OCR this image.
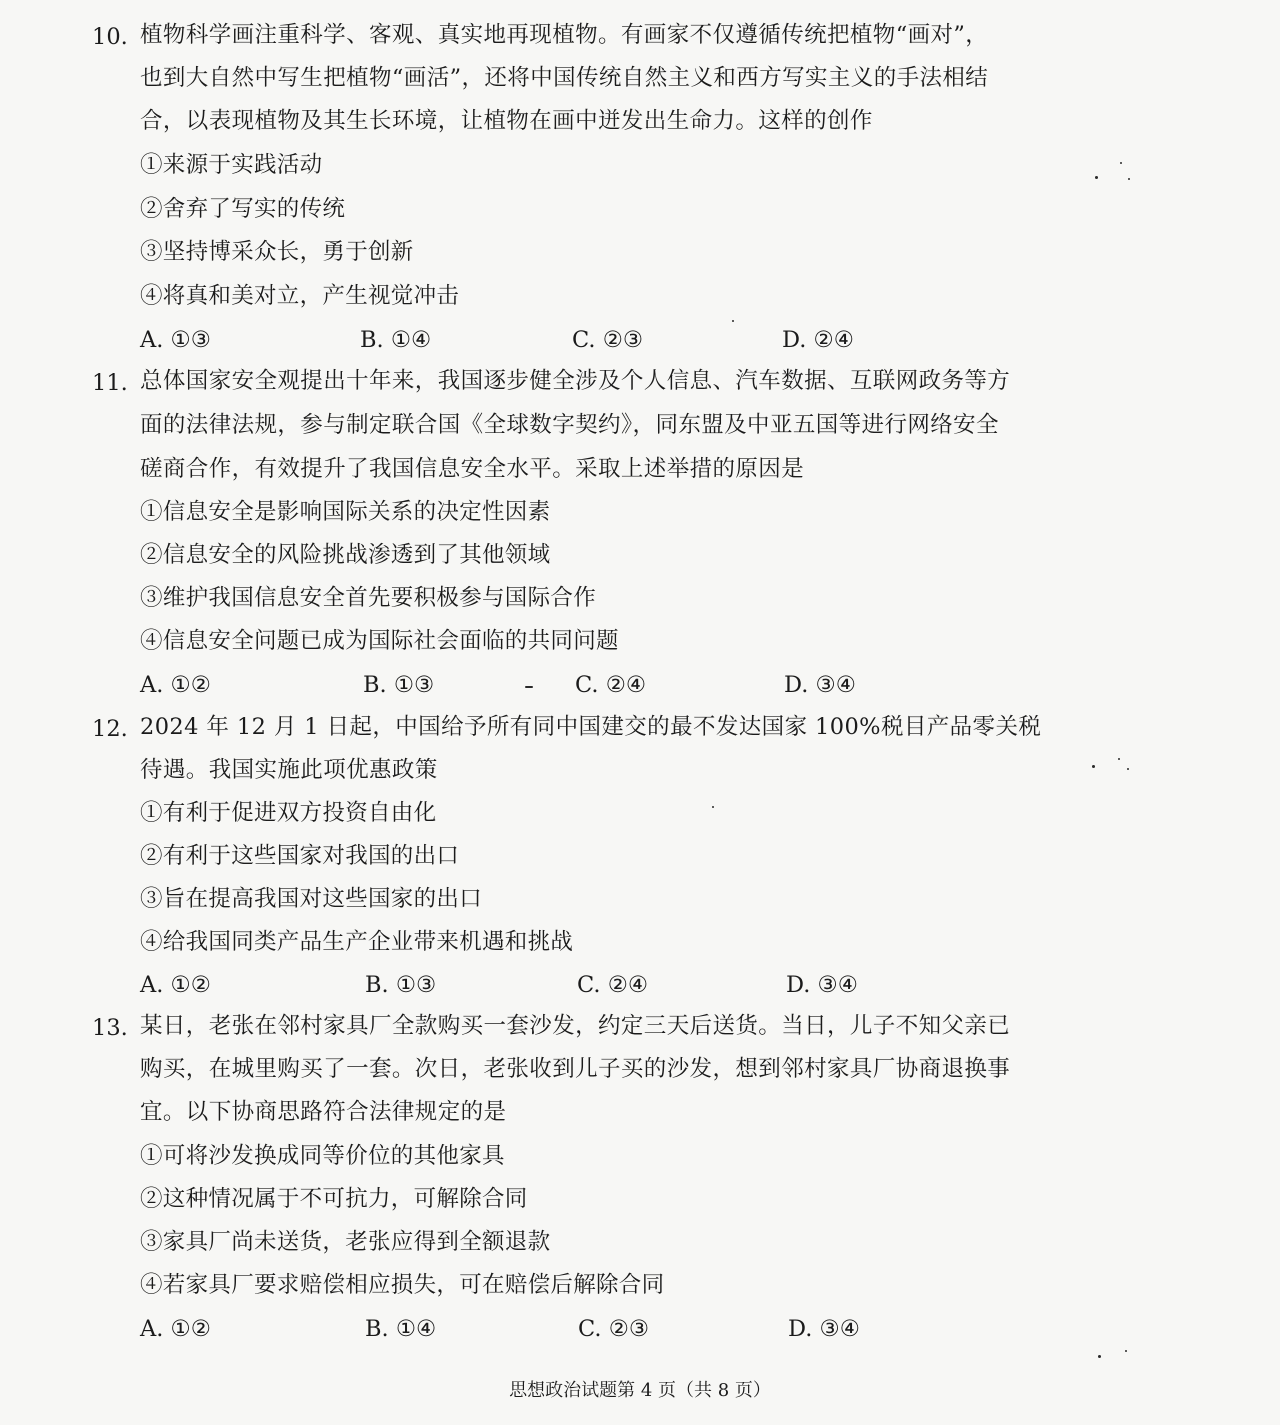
10. 植物科学画注重科学、客观、真实地再现植物。有画家不仅遵循传统把植物“画对”，
也到大自然中写生把植物“画活”，还将中国传统自然主义和西方写实主义的手法相结
合，以表现植物及其生长环境，让植物在画中迸发出生命力。这样的创作
①来源于实践活动
②舍弃了写实的传统
③坚持博采众长，勇于创新
④将真和美对立，产生视觉冲击
A. ①③	B. ①④	C. ②③	D. ②④
11. 总体国家安全观提出十年来，我国逐步健全涉及个人信息、汽车数据、互联网政务等方
面的法律法规，参与制定联合国《全球数字契约》，同东盟及中亚五国等进行网络安全
磋商合作，有效提升了我国信息安全水平。采取上述举措的原因是
①信息安全是影响国际关系的决定性因素
②信息安全的风险挑战渗透到了其他领域
③维护我国信息安全首先要积极参与国际合作
④信息安全问题已成为国际社会面临的共同问题
A. ①②	B. ①③	C. ②④	D. ③④
12. 2024 年 12 月 1 日起，中国给予所有同中国建交的最不发达国家 100%税目产品零关税
待遇。我国实施此项优惠政策
①有利于促进双方投资自由化
②有利于这些国家对我国的出口
③旨在提高我国对这些国家的出口
④给我国同类产品生产企业带来机遇和挑战
A. ①②	B. ①③	C. ②④	D. ③④
13. 某日，老张在邻村家具厂全款购买一套沙发，约定三天后送货。当日，儿子不知父亲已
购买，在城里购买了一套。次日，老张收到儿子买的沙发，想到邻村家具厂协商退换事
宜。以下协商思路符合法律规定的是
①可将沙发换成同等价位的其他家具
②这种情况属于不可抗力，可解除合同
③家具厂尚未送货，老张应得到全额退款
④若家具厂要求赔偿相应损失，可在赔偿后解除合同
A. ①②	B. ①④	C. ②③	D. ③④
思想政治试题第 4 页（共 8 页）
